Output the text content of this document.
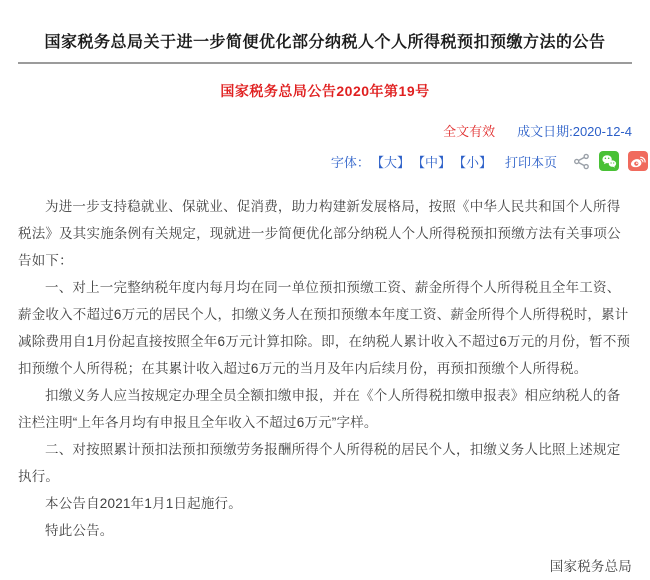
国家税务总局关于进一步简便优化部分纳税人个人所得税预扣预缴方法的公告
国家税务总局公告2020年第19号
全文有效 成文日期:2020-12-4
字体： 【大】 【中】 【小】 打印本页

为进一步支持稳就业、保就业、促消费，助力构建新发展格局，按照《中华人民共和国个人所得税法》及其实施条例有关规定，现就进一步简便优化部分纳税人个人所得税预扣预缴方法有关事项公告如下：

一、对上一完整纳税年度内每月均在同一单位预扣预缴工资、薪金所得个人所得税且全年工资、薪金收入不超过6万元的居民个人，扣缴义务人在预扣预缴本年度工资、薪金所得个人所得税时，累计减除费用自1月份起直接按照全年6万元计算扣除。即，在纳税人累计收入不超过6万元的月份，暂不预扣预缴个人所得税；在其累计收入超过6万元的当月及年内后续月份，再预扣预缴个人所得税。

扣缴义务人应当按规定办理全员全额扣缴申报，并在《个人所得税扣缴申报表》相应纳税人的备注栏注明“上年各月均有申报且全年收入不超过6万元”字样。

二、对按照累计预扣法预扣预缴劳务报酬所得个人所得税的居民个人，扣缴义务人比照上述规定执行。

本公告自2021年1月1日起施行。

特此公告。

国家税务总局
